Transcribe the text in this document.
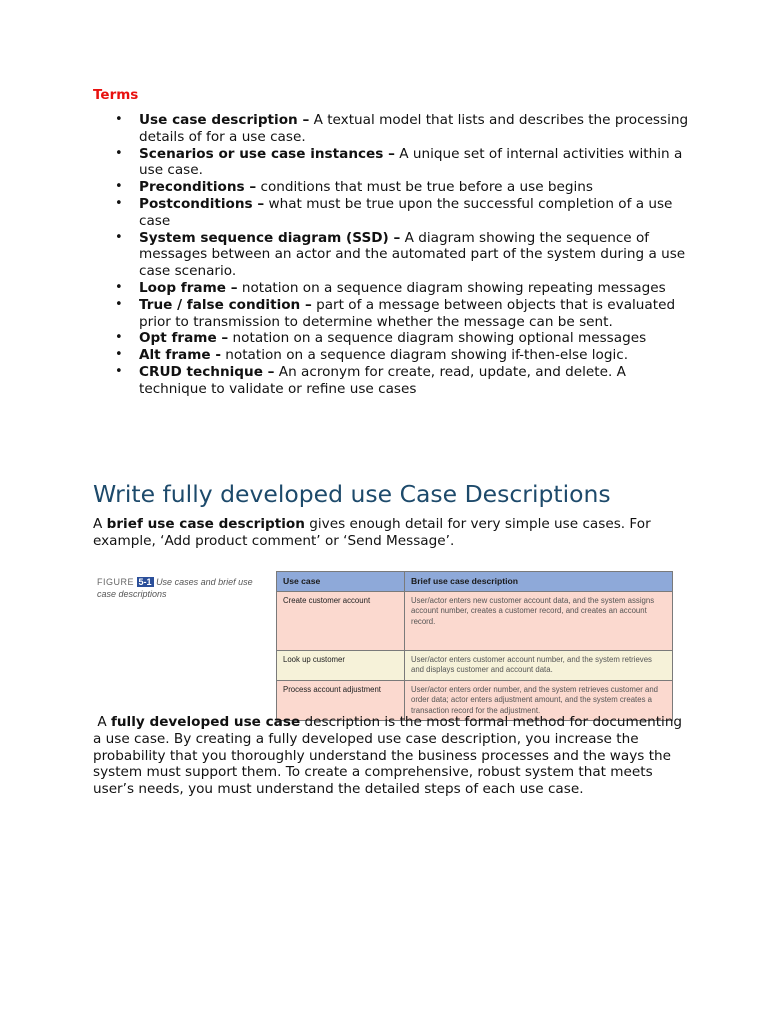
Terms
• Use case description – A textual model that lists and describes the processing details of for a use case.
• Scenarios or use case instances – A unique set of internal activities within a use case.
• Preconditions – conditions that must be true before a use begins
• Postconditions – what must be true upon the successful completion of a use case
• System sequence diagram (SSD) – A diagram showing the sequence of messages between an actor and the automated part of the system during a use case scenario.
• Loop frame – notation on a sequence diagram showing repeating messages
• True / false condition – part of a message between objects that is evaluated prior to transmission to determine whether the message can be sent.
• Opt frame – notation on a sequence diagram showing optional messages
• Alt frame - notation on a sequence diagram showing if-then-else logic.
• CRUD technique – An acronym for create, read, update, and delete. A technique to validate or refine use cases
Write fully developed use Case Descriptions

A brief use case description gives enough detail for very simple use cases. For example, ‘Add product comment’ or ‘Send Message’.

FIGURE 5-1 Use cases and brief use case descriptions
Use case	Brief use case description
Create customer account	User/actor enters new customer account data, and the system assigns account number, creates a customer record, and creates an account record.
Look up customer	User/actor enters customer account number, and the system retrieves and displays customer and account data.
Process account adjustment	User/actor enters order number, and the system retrieves customer and order data; actor enters adjustment amount, and the system creates a transaction record for the adjustment.

A fully developed use case description is the most formal method for documenting a use case. By creating a fully developed use case description, you increase the probability that you thoroughly understand the business processes and the ways the system must support them. To create a comprehensive, robust system that meets user’s needs, you must understand the detailed steps of each use case.
